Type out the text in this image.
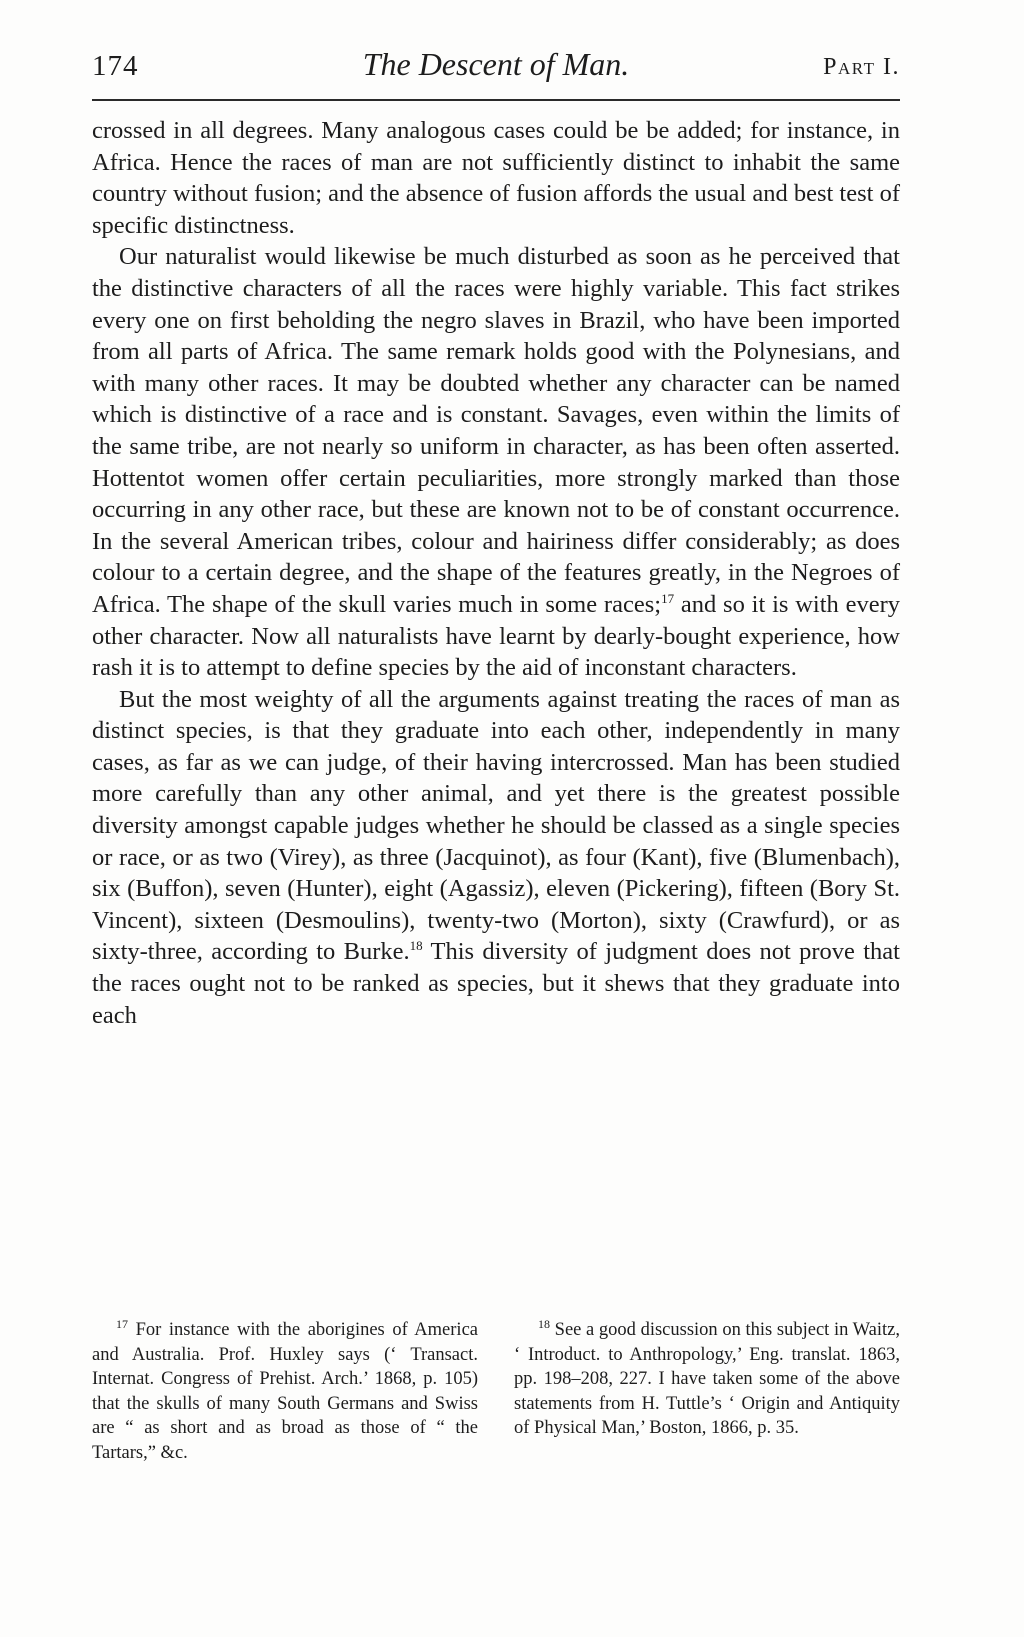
174	The Descent of Man.	Part I.

crossed in all degrees. Many analogous cases could be be added; for instance, in Africa. Hence the races of man are not sufficiently distinct to inhabit the same country without fusion; and the absence of fusion affords the usual and best test of specific distinctness.

Our naturalist would likewise be much disturbed as soon as he perceived that the distinctive characters of all the races were highly variable. This fact strikes every one on first beholding the negro slaves in Brazil, who have been imported from all parts of Africa. The same remark holds good with the Polynesians, and with many other races. It may be doubted whether any character can be named which is distinctive of a race and is constant. Savages, even within the limits of the same tribe, are not nearly so uniform in character, as has been often asserted. Hottentot women offer certain peculiarities, more strongly marked than those occurring in any other race, but these are known not to be of constant occurrence. In the several American tribes, colour and hairiness differ considerably; as does colour to a certain degree, and the shape of the features greatly, in the Negroes of Africa. The shape of the skull varies much in some races;$^{17}$ and so it is with every other character. Now all naturalists have learnt by dearly-bought experience, how rash it is to attempt to define species by the aid of inconstant characters.

But the most weighty of all the arguments against treating the races of man as distinct species, is that they graduate into each other, independently in many cases, as far as we can judge, of their having intercrossed. Man has been studied more carefully than any other animal, and yet there is the greatest possible diversity amongst capable judges whether he should be classed as a single species or race, or as two (Virey), as three (Jacquinot), as four (Kant), five (Blumenbach), six (Buffon), seven (Hunter), eight (Agassiz), eleven (Pickering), fifteen (Bory St. Vincent), sixteen (Desmoulins), twenty-two (Morton), sixty (Crawfurd), or as sixty-three, according to Burke.$^{18}$ This diversity of judgment does not prove that the races ought not to be ranked as species, but it shews that they graduate into each

$^{17}$ For instance with the aborigines of America and Australia. Prof. Huxley says (‘ Transact. Internat. Congress of Prehist. Arch.’ 1868, p. 105) that the skulls of many South Germans and Swiss are “ as short and as broad as those of “ the Tartars,” &c.

$^{18}$ See a good discussion on this subject in Waitz, ‘ Introduct. to Anthropology,’ Eng. translat. 1863, pp. 198–208, 227. I have taken some of the above statements from H. Tuttle’s ‘ Origin and Antiquity of Physical Man,’ Boston, 1866, p. 35.
